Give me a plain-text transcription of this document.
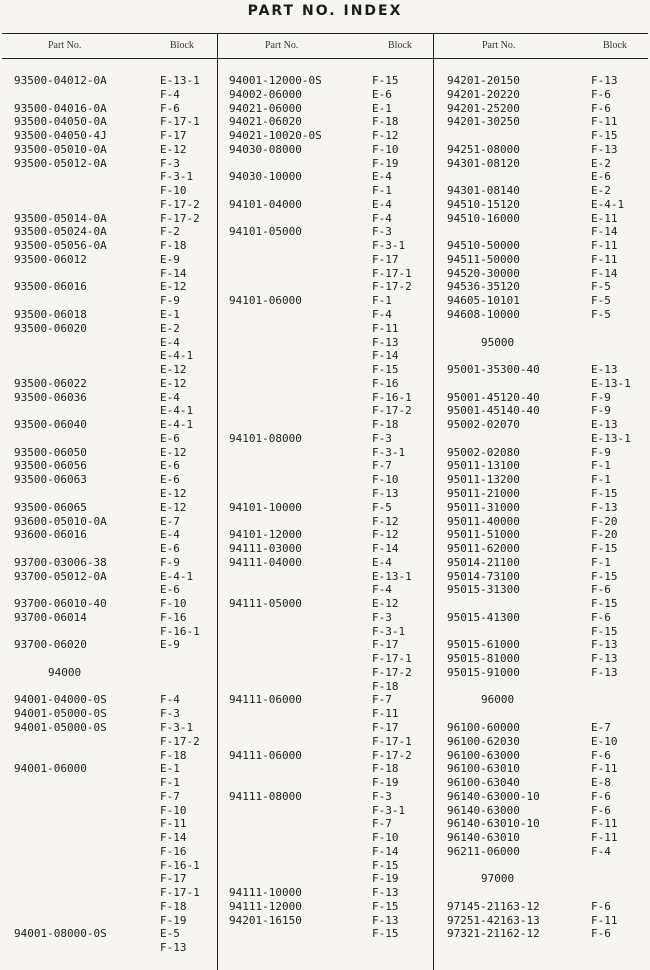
PART NO. INDEX
Part No.	Block	Part No.	Block	Part No.	Block
93500-04012-0A	E-13-1
F-4
93500-04016-0A	F-6
93500-04050-0A	F-17-1
93500-04050-4J	F-17
93500-05010-0A	E-12
93500-05012-0A	F-3
F-3-1
F-10
F-17-2
93500-05014-0A	F-17-2
93500-05024-0A	F-2
93500-05056-0A	F-18
93500-06012	E-9
F-14
93500-06016	E-12
F-9
93500-06018	E-1
93500-06020	E-2
E-4
E-4-1
E-12
93500-06022	E-12
93500-06036	E-4
E-4-1
93500-06040	E-4-1
E-6
93500-06050	E-12
93500-06056	E-6
93500-06063	E-6
E-12
93500-06065	E-12
93600-05010-0A	E-7
93600-06016	E-4
E-6
93700-03006-38	F-9
93700-05012-0A	E-4-1
E-6
93700-06010-40	F-10
93700-06014	F-16
F-16-1
93700-06020	E-9
94000
94001-04000-0S	F-4
94001-05000-0S	F-3
94001-05000-0S	F-3-1
F-17-2
F-18
94001-06000	E-1
F-1
F-7
F-10
F-11
F-14
F-16
F-16-1
F-17
F-17-1
F-18
F-19
94001-08000-0S	E-5
F-13
94001-12000-0S	F-15
94002-06000	E-6
94021-06000	E-1
94021-06020	F-18
94021-10020-0S	F-12
94030-08000	F-10
F-19
94030-10000	E-4
F-1
94101-04000	E-4
F-4
94101-05000	F-3
F-3-1
F-17
F-17-1
F-17-2
94101-06000	F-1
F-4
F-11
F-13
F-14
F-15
F-16
F-16-1
F-17-2
F-18
94101-08000	F-3
F-3-1
F-7
F-10
F-13
94101-10000	F-5
F-12
94101-12000	F-12
94111-03000	F-14
94111-04000	E-4
E-13-1
F-4
94111-05000	E-12
F-3
F-3-1
F-17
F-17-1
F-17-2
F-18
94111-06000	F-7
F-11
F-17
F-17-1
94111-06000	F-17-2
F-18
F-19
94111-08000	F-3
F-3-1
F-7
F-10
F-14
F-15
F-19
94111-10000	F-13
94111-12000	F-15
94201-16150	F-13
F-15
94201-20150	F-13
94201-20220	F-6
94201-25200	F-6
94201-30250	F-11
F-15
94251-08000	F-13
94301-08120	E-2
E-6
94301-08140	E-2
94510-15120	E-4-1
94510-16000	E-11
F-14
94510-50000	F-11
94511-50000	F-11
94520-30000	F-14
94536-35120	F-5
94605-10101	F-5
94608-10000	F-5
95000
95001-35300-40	E-13
E-13-1
95001-45120-40	F-9
95001-45140-40	F-9
95002-02070	E-13
E-13-1
95002-02080	F-9
95011-13100	F-1
95011-13200	F-1
95011-21000	F-15
95011-31000	F-13
95011-40000	F-20
95011-51000	F-20
95011-62000	F-15
95014-21100	F-1
95014-73100	F-15
95015-31300	F-6
F-15
95015-41300	F-6
F-15
95015-61000	F-13
95015-81000	F-13
95015-91000	F-13
96000
96100-60000	E-7
96100-62030	E-10
96100-63000	F-6
96100-63010	F-11
96100-63040	E-8
96140-63000-10	F-6
96140-63000	F-6
96140-63010-10	F-11
96140-63010	F-11
96211-06000	F-4
97000
97145-21163-12	F-6
97251-42163-13	F-11
97321-21162-12	F-6
